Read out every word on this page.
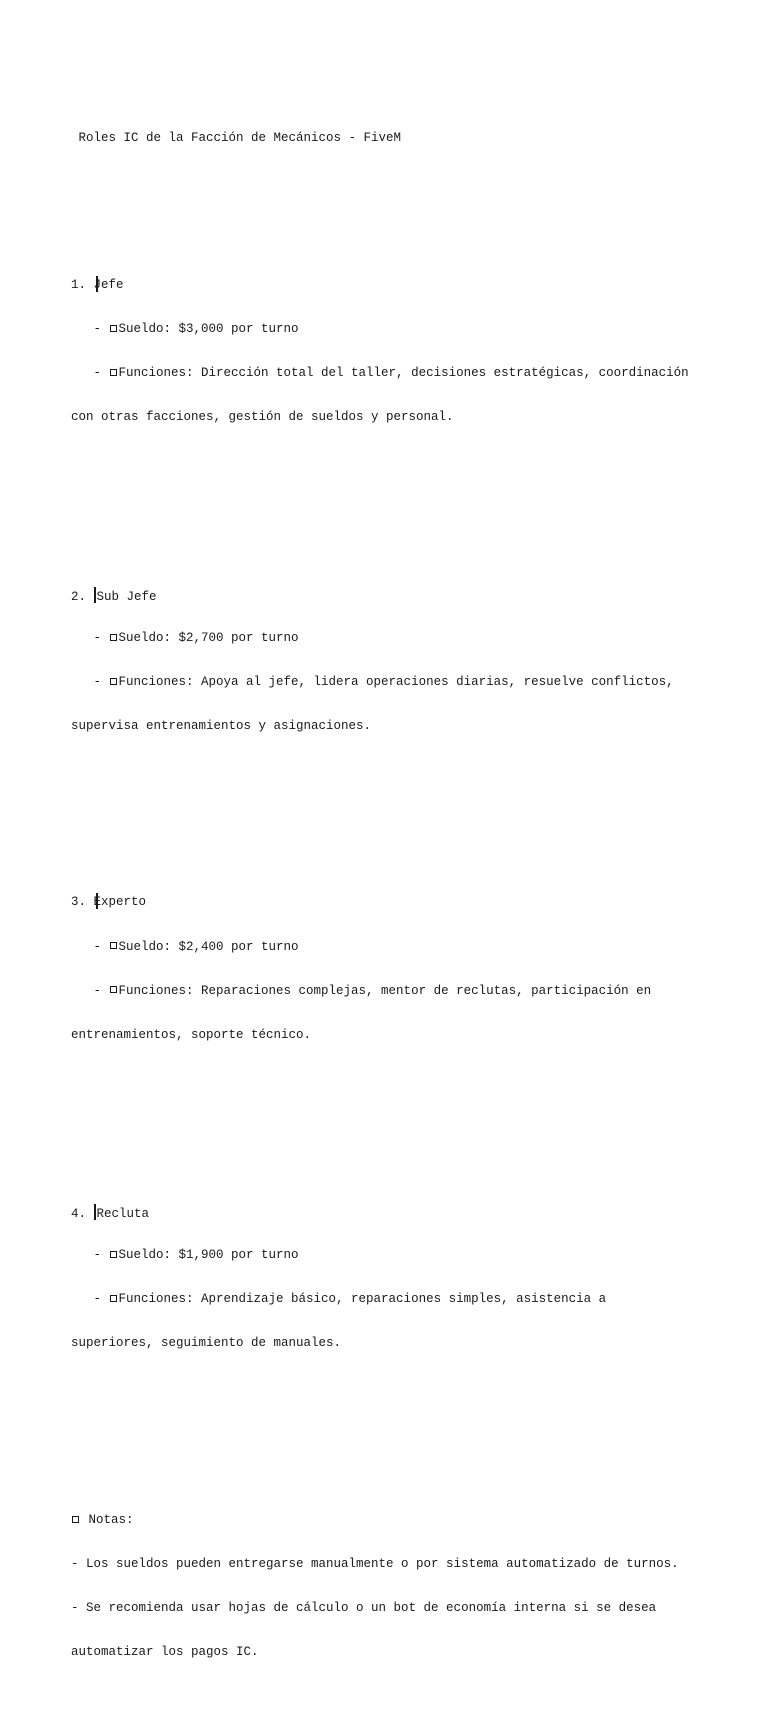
Roles IC de la Facción de Mecánicos - FiveM

1. Jefe

- Sueldo: $3,000 por turno

- Funciones: Dirección total del taller, decisiones estratégicas, coordinación

con otras facciones, gestión de sueldos y personal.

2. Sub Jefe

- Sueldo: $2,700 por turno

- Funciones: Apoya al jefe, lidera operaciones diarias, resuelve conflictos,

supervisa entrenamientos y asignaciones.

3. Experto

- Sueldo: $2,400 por turno

- Funciones: Reparaciones complejas, mentor de reclutas, participación en

entrenamientos, soporte técnico.

4. Recluta

- Sueldo: $1,900 por turno

- Funciones: Aprendizaje básico, reparaciones simples, asistencia a

superiores, seguimiento de manuales.

Notas:

- Los sueldos pueden entregarse manualmente o por sistema automatizado de turnos.

- Se recomienda usar hojas de cálculo o un bot de economía interna si se desea

automatizar los pagos IC.
